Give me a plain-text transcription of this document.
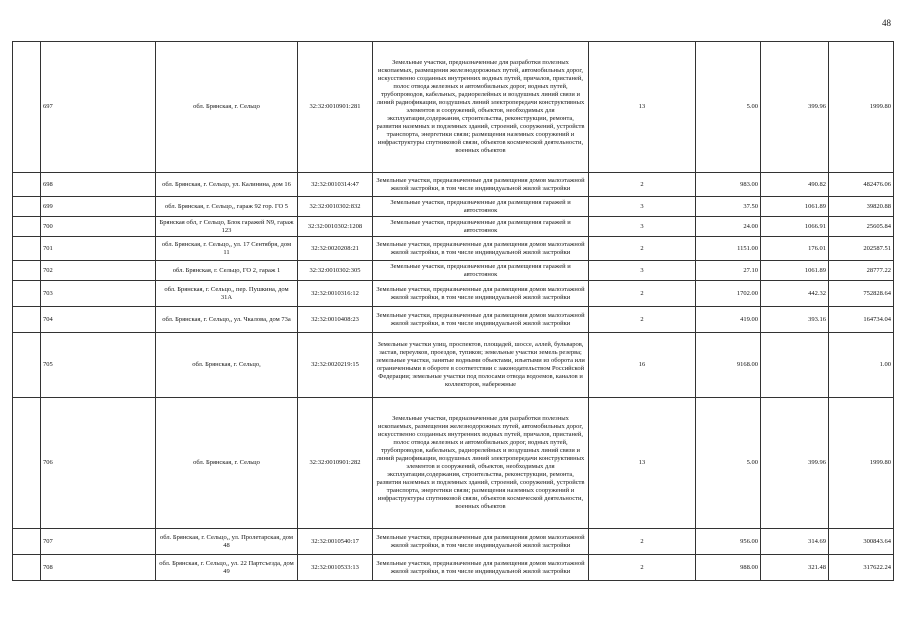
48
	697	обл. Брянская, г. Сельцо	32:32:0010901:281	Земельные участки, предназначенные для разработки полезных ископаемых, размещения железнодорожных путей, автомобильных дорог, искусственно созданных внутренних водных путей, причалов, пристаней, полос отвода железных и автомобильных дорог, водных путей, трубопроводов, кабельных, радиорелейных и воздушных линий связи и линий радиофикации, воздушных линий электропередачи конструктивных элементов и сооружений, объектов, необходимых для эксплуатации,содержания, строительства, реконструкции, ремонта, развития наземных и подземных зданий, строений, сооружений, устройств транспорта, энергетики связи; размещения наземных сооружений и инфраструктуры спутниковой связи, объектов космической деятельности, военных объектов	13	5.00	399.96	1999.80
	698	обл. Брянская, г. Сельцо, ул. Калинина, дом 16	32:32:0010314:47	Земельные участки, предназначенные для размещения домов малоэтажной жилой застройки, в том числе индивидуальной жилой застройки	2	983.00	490.82	482476.06
	699	обл. Брянская, г. Сельцо,, гараж 92 гор. ГО 5	32:32:0010302:832	Земельные участки, предназначенные для размещения гаражей и автостоянок	3	37.50	1061.89	39820.88
	700	Брянская обл, г Сельцо, Блок гаражей N9, гараж 123	32:32:0010302:1208	Земельные участки, предназначенные для размещения гаражей и автостоянок	3	24.00	1066.91	25605.84
	701	обл. Брянская, г. Сельцо,, ул. 17 Сентября, дом 11	32:32:0020208:21	Земельные участки, предназначенные для размещения домов малоэтажной жилой застройки, в том числе индивидуальной жилой застройки	2	1151.00	176.01	202587.51
	702	обл. Брянская, г. Сельцо, ГО 2, гараж 1	32:32:0010302:305	Земельные участки, предназначенные для размещения гаражей и автостоянок	3	27.10	1061.89	28777.22
	703	обл. Брянская, г. Сельцо,, пер. Пушкина, дом 31А	32:32:0010316:12	Земельные участки, предназначенные для размещения домов малоэтажной жилой застройки, в том числе индивидуальной жилой застройки	2	1702.00	442.32	752828.64
	704	обл. Брянская, г. Сельцо,, ул. Чкалова, дом 73а	32:32:0010408:23	Земельные участки, предназначенные для размещения домов малоэтажной жилой застройки, в том числе индивидуальной жилой застройки	2	419.00	393.16	164734.04
	705	обл. Брянская, г. Сельцо,	32:32:0020219:15	Земельные участки улиц, проспектов, площадей, шоссе, аллей, бульваров, застав, переулков, проездов, тупиков; земельные участки земель резерва; земельные участки, занятые водными объектами, изъятыми из оборота или ограниченными в обороте в соответствии с законодательством Российской Федерации; земельные участки под полосами отвода водоемов, каналов и коллекторов, набережные	16	9168.00		1.00
	706	обл. Брянская, г. Сельцо	32:32:0010901:282	Земельные участки, предназначенные для разработки полезных ископаемых, размещения железнодорожных путей, автомобильных дорог, искусственно созданных внутренних водных путей, причалов, пристаней, полос отвода железных и автомобильных дорог, водных путей, трубопроводов, кабельных, радиорелейных и воздушных линий связи и линий радиофикации, воздушных линий электропередачи конструктивных элементов и сооружений, объектов, необходимых для эксплуатации,содержания, строительства, реконструкции, ремонта, развития наземных и подземных зданий, строений, сооружений, устройств транспорта, энергетики связи; размещения наземных сооружений и инфраструктуры спутниковой связи, объектов космической деятельности, военных объектов	13	5.00	399.96	1999.80
	707	обл. Брянская, г. Сельцо,, ул. Пролетарская, дом 48	32:32:0010540:17	Земельные участки, предназначенные для размещения домов малоэтажной жилой застройки, в том числе индивидуальной жилой застройки	2	956.00	314.69	300843.64
	708	обл. Брянская, г. Сельцо,, ул. 22 Партсъезда, дом 49	32:32:0010533:13	Земельные участки, предназначенные для размещения домов малоэтажной жилой застройки, в том числе индивидуальной жилой застройки	2	988.00	321.48	317622.24
